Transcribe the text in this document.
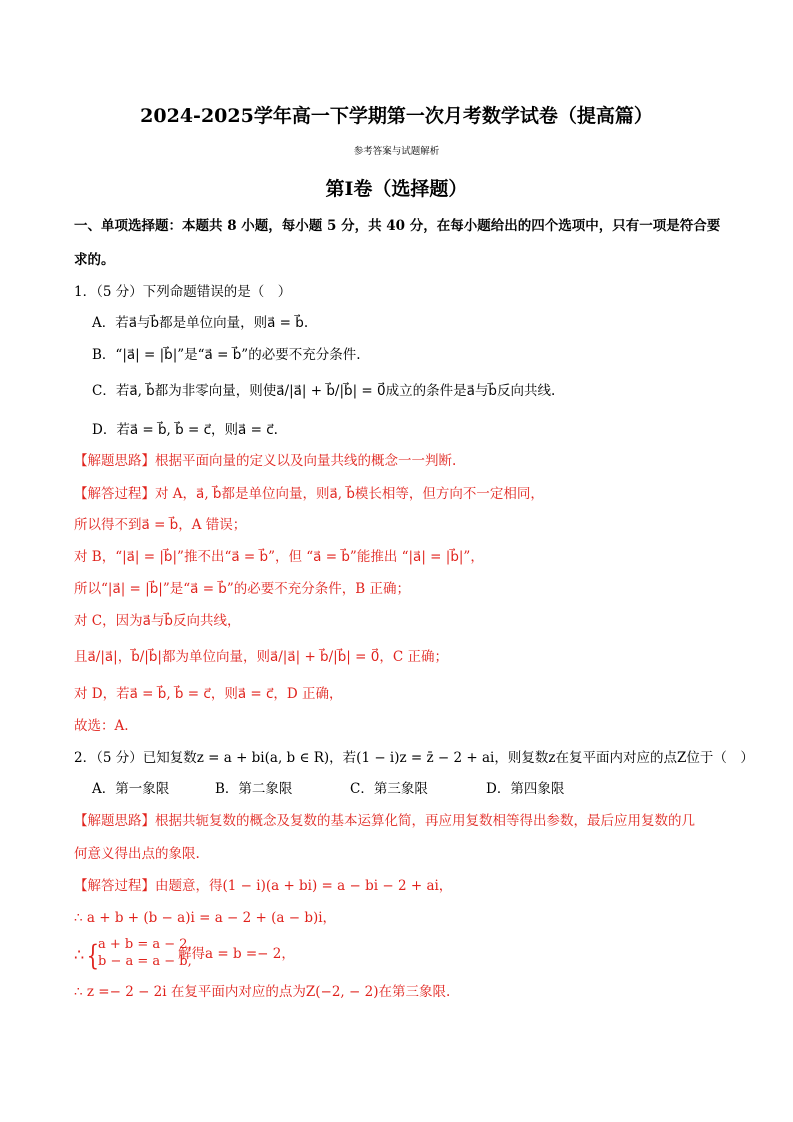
2024-2025学年高一下学期第一次月考数学试卷（提高篇）
参考答案与试题解析
第I卷（选择题）
一、单项选择题：本题共 8 小题，每小题 5 分，共 40 分，在每小题给出的四个选项中，只有一项是符合要
求的。
1．（5 分）下列命题错误的是（　）
A．若a⃗与b⃗都是单位向量，则a⃗ = b⃗.
B．“|a⃗| = |b⃗|”是“a⃗ = b⃗”的必要不充分条件.
C．若a⃗, b⃗都为非零向量，则使a⃗/|a⃗| + b⃗/|b⃗| = 0⃗成立的条件是a⃗与b⃗反向共线.
D．若a⃗ = b⃗, b⃗ = c⃗，则a⃗ = c⃗.
【解题思路】根据平面向量的定义以及向量共线的概念一一判断.
【解答过程】对 A，a⃗, b⃗都是单位向量，则a⃗, b⃗模长相等，但方向不一定相同，
所以得不到a⃗ = b⃗，A 错误；
对 B，“|a⃗| = |b⃗|”推不出“a⃗ = b⃗”，但 “a⃗ = b⃗”能推出 “|a⃗| = |b⃗|”，
所以“|a⃗| = |b⃗|”是“a⃗ = b⃗”的必要不充分条件，B 正确；
对 C，因为a⃗与b⃗反向共线，
且a⃗/|a⃗|，b⃗/|b⃗|都为单位向量，则a⃗/|a⃗| + b⃗/|b⃗| = 0⃗，C 正确；
对 D，若a⃗ = b⃗, b⃗ = c⃗，则a⃗ = c⃗，D 正确，
故选：A.
2．（5 分）已知复数z = a + bi(a, b ∈ R)，若(1 − i)z = z̄ − 2 + ai，则复数z在复平面内对应的点Z位于（　）
A．第一象限	B．第二象限	C．第三象限	D．第四象限
【解题思路】根据共轭复数的概念及复数的基本运算化简，再应用复数相等得出参数，最后应用复数的几
何意义得出点的象限.
【解答过程】由题意，得(1 − i)(a + bi) = a − bi − 2 + ai，
∴ a + b + (b − a)i = a − 2 + (a − b)i，
∴ {
a + b = a − 2,
b − a = a − b,
解得a = b =− 2，
∴ z =− 2 − 2i 在复平面内对应的点为Z(−2, − 2)在第三象限.
